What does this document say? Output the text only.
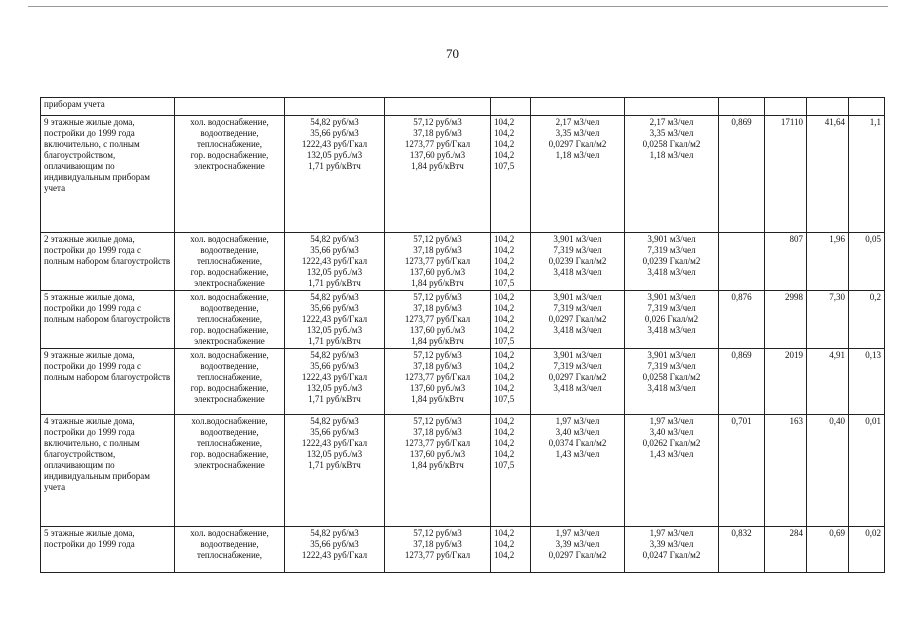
70
приборам учета										

9 этажные жилые дома, постройки до 1999 года включительно, с полным благоустройством, оплачивающим по индивидуальным приборам учета	хол. водоснабжение,
водоотведение,
теплоснабжение,
гор. водоснабжение,
электроснабжение	54,82 руб/м3
35,66 руб/м3
1222,43 руб/Гкал
132,05 руб./м3
1,71 руб/кВтч	57,12 руб/м3
37,18 руб/м3
1273,77 руб/Гкал
137,60 руб./м3
1,84 руб/кВтч	104,2
104,2
104,2
104,2
107,5	2,17 м3/чел
3,35 м3/чел
0,0297 Гкал/м2
1,18 м3/чел	2,17 м3/чел
3,35 м3/чел
0,0258 Гкал/м2
1,18 м3/чел	0,869	17110	41,64	1,1

2 этажные жилые дома, постройки до 1999 года с полным набором благоустройств	хол. водоснабжение,
водоотведение,
теплоснабжение,
гор. водоснабжение,
электроснабжение	54,82 руб/м3
35,66 руб/м3
1222,43 руб/Гкал
132,05 руб./м3
1,71 руб/кВтч	57,12 руб/м3
37,18 руб/м3
1273,77 руб/Гкал
137,60 руб./м3
1,84 руб/кВтч	104,2
104,2
104,2
104,2
107,5	3,901 м3/чел
7,319 м3/чел
0,0239 Гкал/м2
3,418 м3/чел	3,901 м3/чел
7,319 м3/чел
0,0239 Гкал/м2
3,418 м3/чел		807	1,96	0,05

5 этажные жилые дома, постройки до 1999 года с полным набором благоустройств	хол. водоснабжение,
водоотведение,
теплоснабжение,
гор. водоснабжение,
электроснабжение	54,82 руб/м3
35,66 руб/м3
1222,43 руб/Гкал
132,05 руб./м3
1,71 руб/кВтч	57,12 руб/м3
37,18 руб/м3
1273,77 руб/Гкал
137,60 руб./м3
1,84 руб/кВтч	104,2
104,2
104,2
104,2
107,5	3,901 м3/чел
7,319 м3/чел
0,0297 Гкал/м2
3,418 м3/чел	3,901 м3/чел
7,319 м3/чел
0,026 Гкал/м2
3,418 м3/чел	0,876	2998	7,30	0,2

9 этажные жилые дома, постройки до 1999 года с полным набором благоустройств	хол. водоснабжение,
водоотведение,
теплоснабжение,
гор. водоснабжение,
электроснабжение	54,82 руб/м3
35,66 руб/м3
1222,43 руб/Гкал
132,05 руб./м3
1,71 руб/кВтч	57,12 руб/м3
37,18 руб/м3
1273,77 руб/Гкал
137,60 руб./м3
1,84 руб/кВтч	104,2
104,2
104,2
104,2
107,5	3,901 м3/чел
7,319 м3/чел
0,0297 Гкал/м2
3,418 м3/чел	3,901 м3/чел
7,319 м3/чел
0,0258 Гкал/м2
3,418 м3/чел	0,869	2019	4,91	0,13

4 этажные жилые дома, постройки до 1999 года включительно, с полным благоустройством, оплачивающим по индивидуальным приборам учета	хол.водоснабжение,
водоотведение,
теплоснабжение,
гор. водоснабжение,
электроснабжение	54,82 руб/м3
35,66 руб/м3
1222,43 руб/Гкал
132,05 руб./м3
1,71 руб/кВтч	57,12 руб/м3
37,18 руб/м3
1273,77 руб/Гкал
137,60 руб./м3
1,84 руб/кВтч	104,2
104,2
104,2
104,2
107,5	1,97 м3/чел
3,40 м3/чел
0,0374 Гкал/м2
1,43 м3/чел	1,97 м3/чел
3,40 м3/чел
0,0262 Гкал/м2
1,43 м3/чел	0,701	163	0,40	0,01

5 этажные жилые дома, постройки до 1999 года	хол. водоснабжение,
водоотведение,
теплоснабжение,	54,82 руб/м3
35,66 руб/м3
1222,43 руб/Гкал	57,12 руб/м3
37,18 руб/м3
1273,77 руб/Гкал	104,2
104,2
104,2	1,97 м3/чел
3,39 м3/чел
0,0297 Гкал/м2	1,97 м3/чел
3,39 м3/чел
0,0247 Гкал/м2	0,832	284	0,69	0,02
